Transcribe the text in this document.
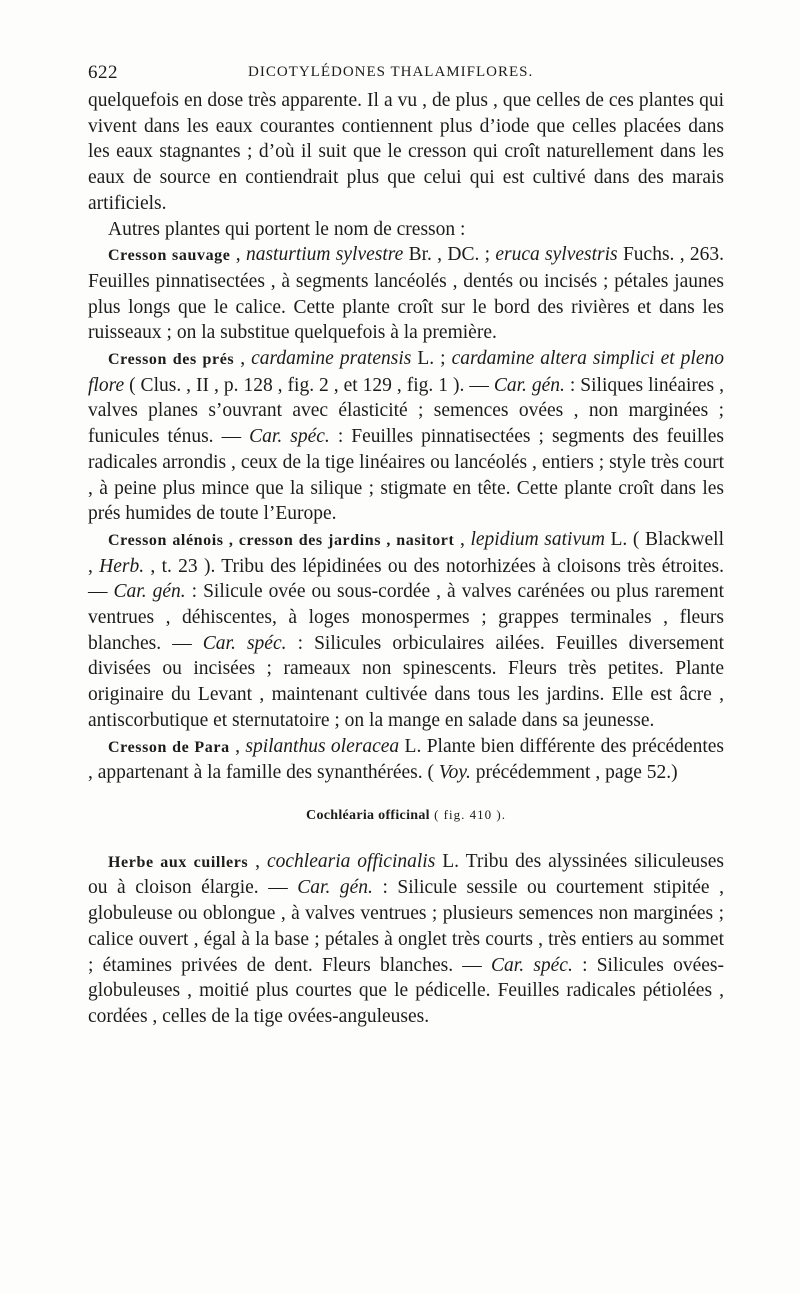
622	DICOTYLÉDONES THALAMIFLORES.

quelquefois en dose très apparente. Il a vu , de plus , que celles de ces plantes qui vivent dans les eaux courantes contiennent plus d’iode que celles placées dans les eaux stagnantes ; d’où il suit que le cresson qui croît naturellement dans les eaux de source en contiendrait plus que celui qui est cultivé dans des marais artificiels.

Autres plantes qui portent le nom de cresson :

Cresson sauvage , nasturtium sylvestre Br. , DC. ; eruca sylvestris Fuchs. , 263. Feuilles pinnatisectées , à segments lancéolés , dentés ou incisés ; pétales jaunes plus longs que le calice. Cette plante croît sur le bord des rivières et dans les ruisseaux ; on la substitue quelquefois à la première.

Cresson des prés , cardamine pratensis L. ; cardamine altera simplici et pleno flore ( Clus. , II , p. 128 , fig. 2 , et 129 , fig. 1 ). — Car. gén. : Siliques linéaires , valves planes s’ouvrant avec élasticité ; semences ovées , non marginées ; funicules ténus. — Car. spéc. : Feuilles pinnatisectées ; segments des feuilles radicales arrondis , ceux de la tige linéaires ou lancéolés , entiers ; style très court , à peine plus mince que la silique ; stigmate en tête. Cette plante croît dans les prés humides de toute l’Europe.

Cresson alénois , cresson des jardins , nasitort , lepidium sativum L. ( Blackwell , Herb. , t. 23 ). Tribu des lépidinées ou des notorhizées à cloisons très étroites. — Car. gén. : Silicule ovée ou sous-cordée , à valves carénées ou plus rarement ventrues , déhiscentes, à loges monospermes ; grappes terminales , fleurs blanches. — Car. spéc. : Silicules orbiculaires ailées. Feuilles diversement divisées ou incisées ; rameaux non spinescents. Fleurs très petites. Plante originaire du Levant , maintenant cultivée dans tous les jardins. Elle est âcre , antiscorbutique et sternutatoire ; on la mange en salade dans sa jeunesse.

Cresson de Para , spilanthus oleracea L. Plante bien différente des précédentes , appartenant à la famille des synanthérées. ( Voy. précédemment , page 52.)

Cochléaria officinal ( fig. 410 ).

Herbe aux cuillers , cochlearia officinalis L. Tribu des alyssinées siliculeuses ou à cloison élargie. — Car. gén. : Silicule sessile ou courtement stipitée , globuleuse ou oblongue , à valves ventrues ; plusieurs semences non marginées ; calice ouvert , égal à la base ; pétales à onglet très courts , très entiers au sommet ; étamines privées de dent. Fleurs blanches. — Car. spéc. : Silicules ovées-globuleuses , moitié plus courtes que le pédicelle. Feuilles radicales pétiolées , cordées , celles de la tige ovées-anguleuses.
